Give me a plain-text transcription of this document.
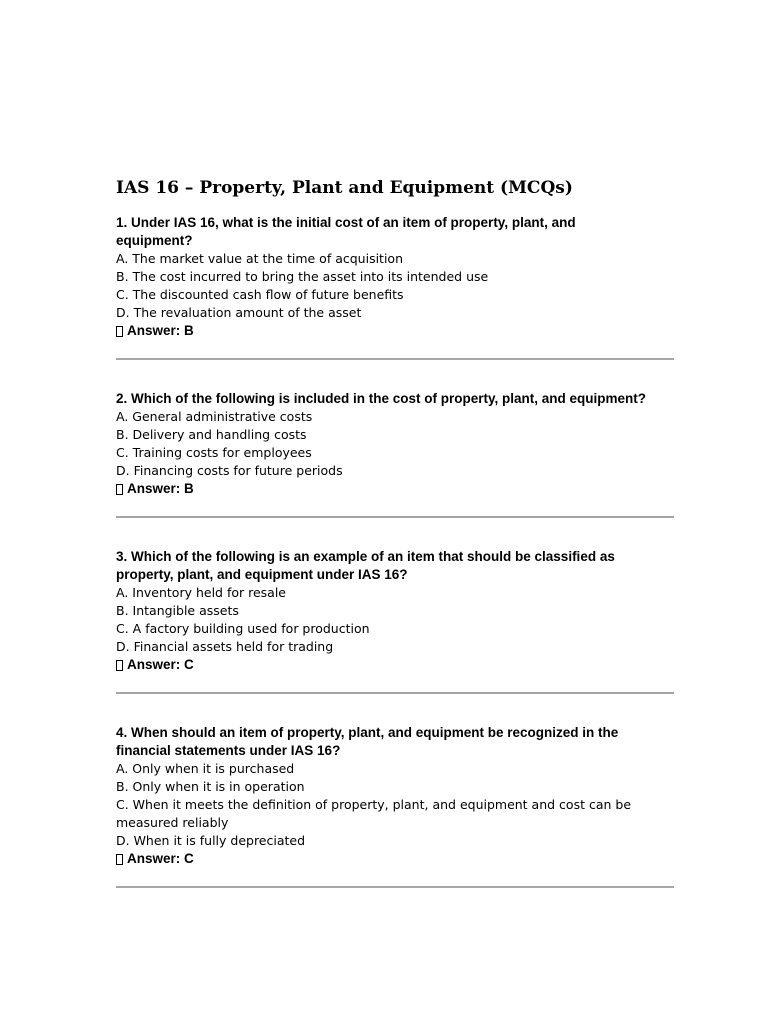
IAS 16 – Property, Plant and Equipment (MCQs)

1. Under IAS 16, what is the initial cost of an item of property, plant, and equipment?

A. The market value at the time of acquisition

B. The cost incurred to bring the asset into its intended use

C. The discounted cash flow of future benefits

D. The revaluation amount of the asset

Answer: B

2. Which of the following is included in the cost of property, plant, and equipment?

A. General administrative costs

B. Delivery and handling costs

C. Training costs for employees

D. Financing costs for future periods

Answer: B

3. Which of the following is an example of an item that should be classified as property, plant, and equipment under IAS 16?

A. Inventory held for resale

B. Intangible assets

C. A factory building used for production

D. Financial assets held for trading

Answer: C

4. When should an item of property, plant, and equipment be recognized in the financial statements under IAS 16?

A. Only when it is purchased

B. Only when it is in operation

C. When it meets the definition of property, plant, and equipment and cost can be measured reliably

D. When it is fully depreciated

Answer: C
